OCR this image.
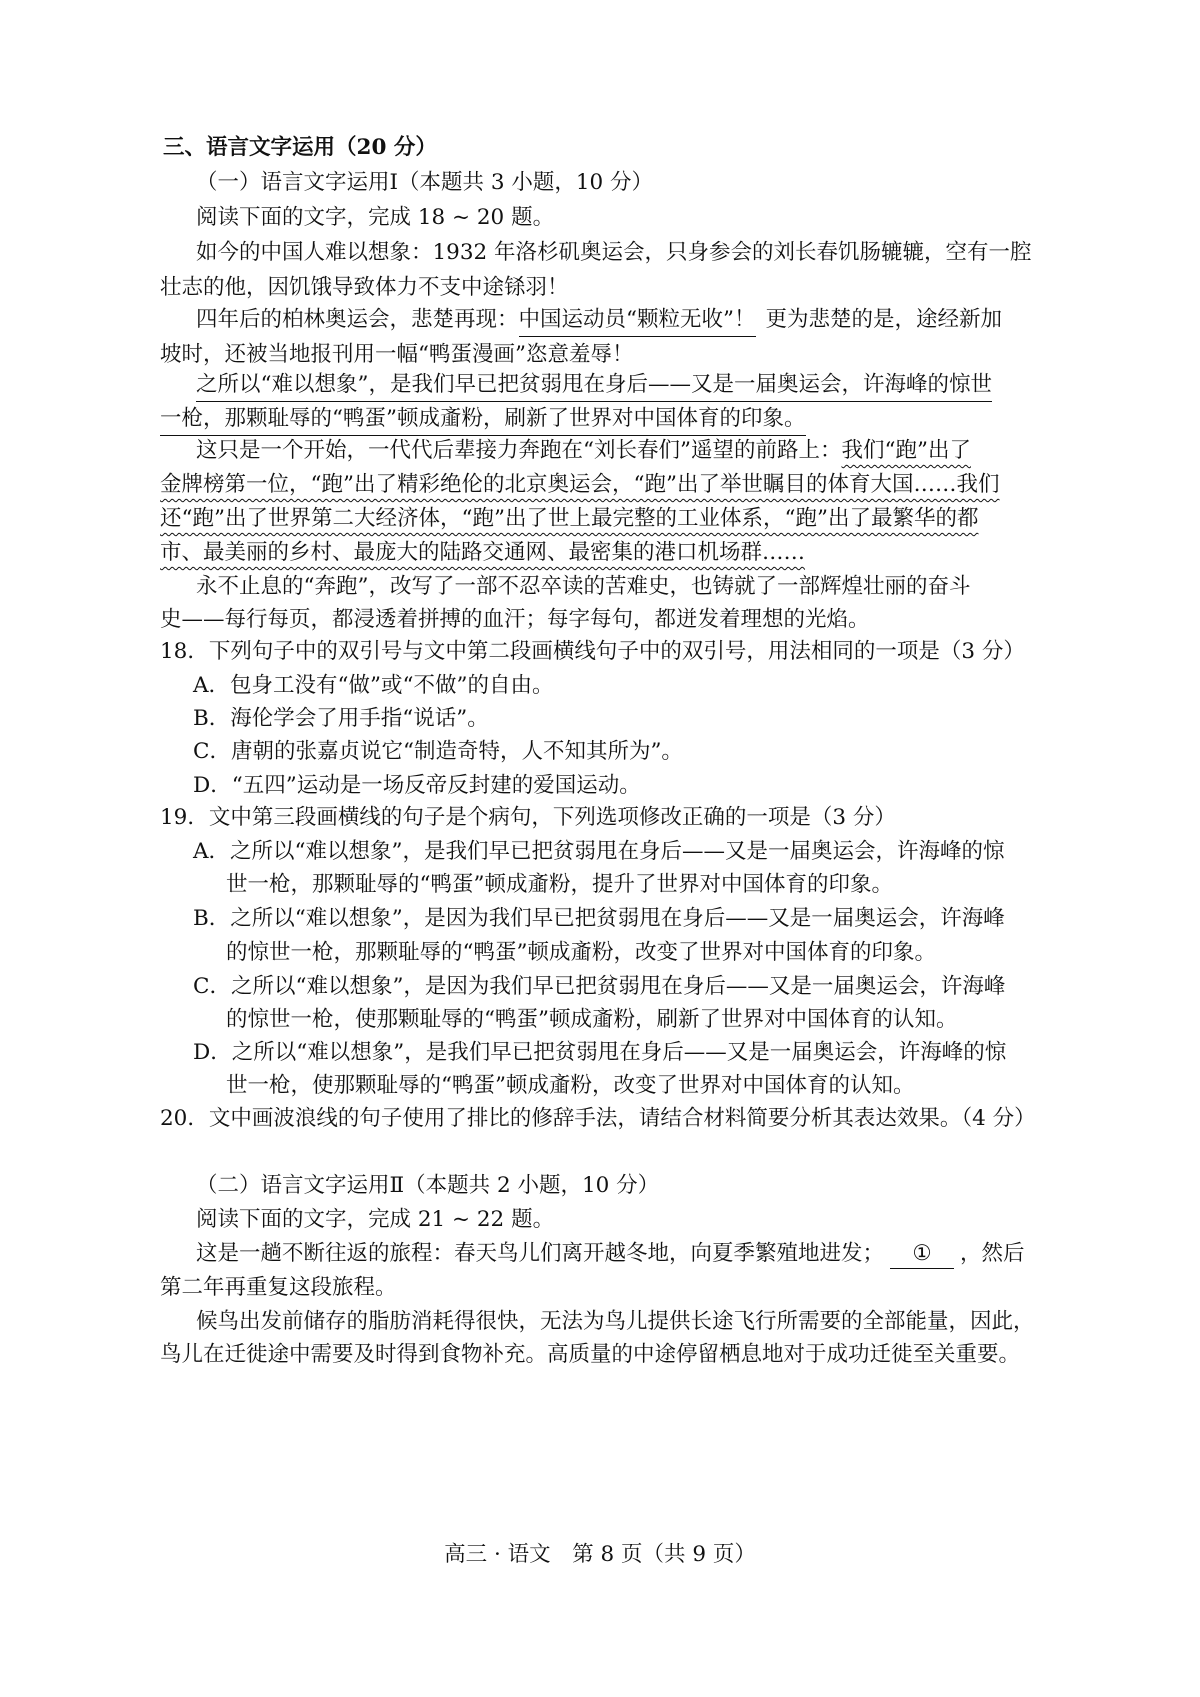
三、语言文字运用（20 分）
（一）语言文字运用Ⅰ（本题共 3 小题，10 分）
阅读下面的文字，完成 18 ~ 20 题。
如今的中国人难以想象：1932 年洛杉矶奥运会，只身参会的刘长春饥肠辘辘，空有一腔
壮志的他，因饥饿导致体力不支中途铩羽！
四年后的柏林奥运会，悲楚再现：中国运动员“颗粒无收”！ 更为悲楚的是，途经新加
坡时，还被当地报刊用一幅“鸭蛋漫画”恣意羞辱！
之所以“难以想象”，是我们早已把贫弱甩在身后——又是一届奥运会，许海峰的惊世
一枪，那颗耻辱的“鸭蛋”顿成齑粉，刷新了世界对中国体育的印象。
这只是一个开始，一代代后辈接力奔跑在“刘长春们”遥望的前路上：我们“跑”出了
金牌榜第一位，“跑”出了精彩绝伦的北京奥运会，“跑”出了举世瞩目的体育大国……我们
还“跑”出了世界第二大经济体，“跑”出了世上最完整的工业体系，“跑”出了最繁华的都
市、最美丽的乡村、最庞大的陆路交通网、最密集的港口机场群……
永不止息的“奔跑”，改写了一部不忍卒读的苦难史，也铸就了一部辉煌壮丽的奋斗
史——每行每页，都浸透着拼搏的血汗；每字每句，都迸发着理想的光焰。
18．下列句子中的双引号与文中第二段画横线句子中的双引号，用法相同的一项是（3 分）
A．包身工没有“做”或“不做”的自由。
B．海伦学会了用手指“说话”。
C．唐朝的张嘉贞说它“制造奇特，人不知其所为”。
D．“五四”运动是一场反帝反封建的爱国运动。
19．文中第三段画横线的句子是个病句，下列选项修改正确的一项是（3 分）
A．之所以“难以想象”，是我们早已把贫弱甩在身后——又是一届奥运会，许海峰的惊
世一枪，那颗耻辱的“鸭蛋”顿成齑粉，提升了世界对中国体育的印象。
B．之所以“难以想象”，是因为我们早已把贫弱甩在身后——又是一届奥运会，许海峰
的惊世一枪，那颗耻辱的“鸭蛋”顿成齑粉，改变了世界对中国体育的印象。
C．之所以“难以想象”，是因为我们早已把贫弱甩在身后——又是一届奥运会，许海峰
的惊世一枪，使那颗耻辱的“鸭蛋”顿成齑粉，刷新了世界对中国体育的认知。
D．之所以“难以想象”，是我们早已把贫弱甩在身后——又是一届奥运会，许海峰的惊
世一枪，使那颗耻辱的“鸭蛋”顿成齑粉，改变了世界对中国体育的认知。
20．文中画波浪线的句子使用了排比的修辞手法，请结合材料简要分析其表达效果。（4 分）
（二）语言文字运用Ⅱ（本题共 2 小题，10 分）
阅读下面的文字，完成 21 ~ 22 题。
这是一趟不断往返的旅程：春天鸟儿们离开越冬地，向夏季繁殖地进发； ① ，然后
第二年再重复这段旅程。
候鸟出发前储存的脂肪消耗得很快，无法为鸟儿提供长途飞行所需要的全部能量，因此，
鸟儿在迁徙途中需要及时得到食物补充。高质量的中途停留栖息地对于成功迁徙至关重要。
高三 · 语文　第 8 页（共 9 页）
